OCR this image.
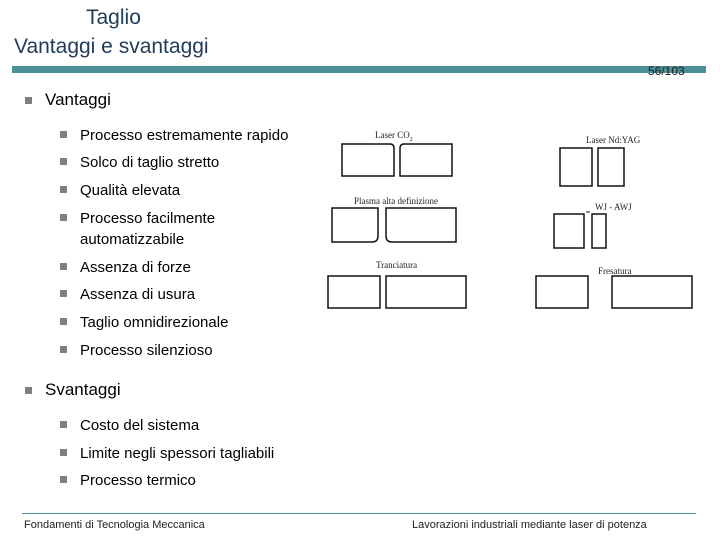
Taglio
Vantaggi e svantaggi
56/103
Vantaggi
Processo estremamente rapido
Solco di taglio stretto
Qualità elevata
Processo facilmente automatizzabile
Assenza di forze
Assenza di usura
Taglio omnidirezionale
Processo silenzioso
Svantaggi
Costo del sistema
Limite negli spessori tagliabili
Processo termico
Laser $CO_2$	Laser Nd:YAG
Plasma alta definizione
WJ - AWJ
Tranciatura
Fresatura
Fondamenti di Tecnologia Meccanica	Lavorazioni industriali mediante laser di potenza
